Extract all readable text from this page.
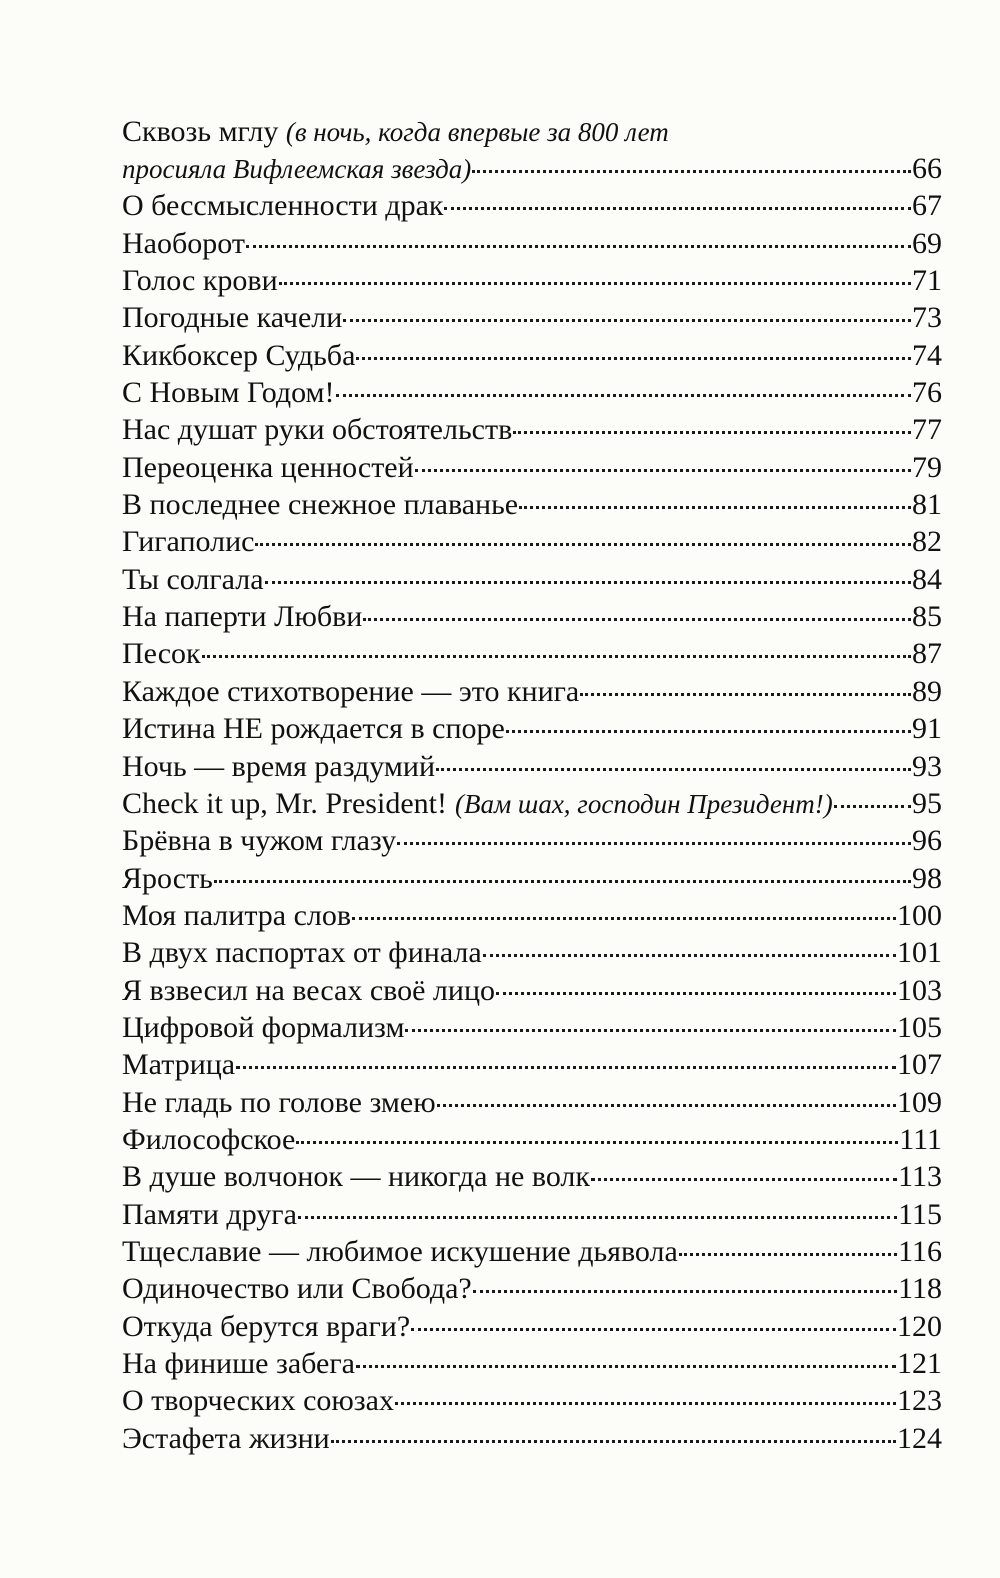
Сквозь мглу (в ночь, когда впервые за 800 лет
просияла Вифлеемская звезда)	66
О бессмысленности драк	67
Наоборот	69
Голос крови	71
Погодные качели	73
Кикбоксер Судьба	74
С Новым Годом!	76
Нас душат руки обстоятельств	77
Переоценка ценностей	79
В последнее снежное плаванье	81
Гигаполис	82
Ты солгала	84
На паперти Любви	85
Песок	87
Каждое стихотворение — это книга	89
Истина НЕ рождается в споре	91
Ночь — время раздумий	93
Check it up, Mr. President! (Вам шах, господин Президент!)	95
Брёвна в чужом глазу	96
Ярость	98
Моя палитра слов	100
В двух паспортах от финала	101
Я взвесил на весах своё лицо	103
Цифровой формализм	105
Матрица	107
Не гладь по голове змею	109
Философское	111
В душе волчонок — никогда не волк	113
Памяти друга	115
Тщеславие — любимое искушение дьявола	116
Одиночество или Свобода?	118
Откуда берутся враги?	120
На финише забега	121
О творческих союзах	123
Эстафета жизни	124
